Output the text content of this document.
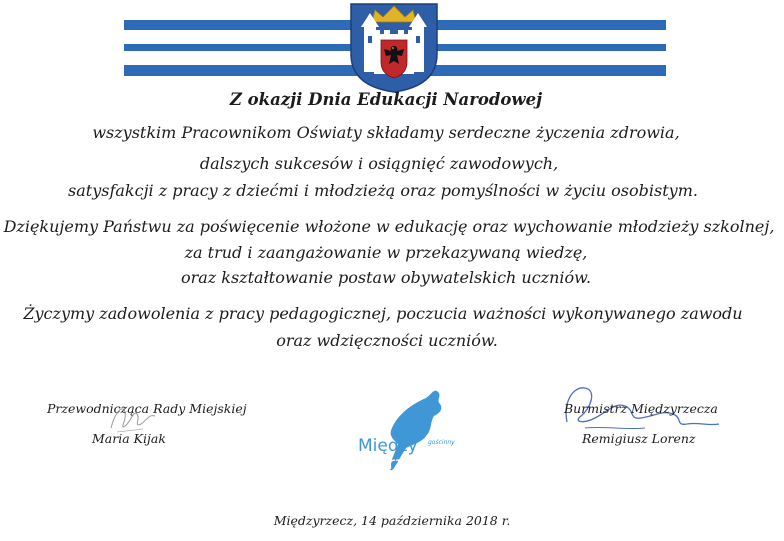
Z okazji Dnia Edukacji Narodowej
wszystkim Pracownikom Oświaty składamy serdeczne życzenia zdrowia,
dalszych sukcesów i osiągnięć zawodowych,
satysfakcji z pracy z dziećmi i młodzieżą oraz pomyślności w życiu osobistym.
Dziękujemy Państwu za poświęcenie włożone w edukację oraz wychowanie młodzieży szkolnej,
za trud i zaangażowanie w przekazywaną wiedzę,
oraz kształtowanie postaw obywatelskich uczniów.
Życzymy zadowolenia z pracy pedagogicznej, poczucia ważności wykonywanego zawodu
oraz wdzięczności uczniów.
Przewodnicząca Rady Miejskiej
Maria Kijak	gościnny
Między
rzecz
Burmistrz Międzyrzecza
Remigiusz Lorenz
Międzyrzecz, 14 października 2018 r.
